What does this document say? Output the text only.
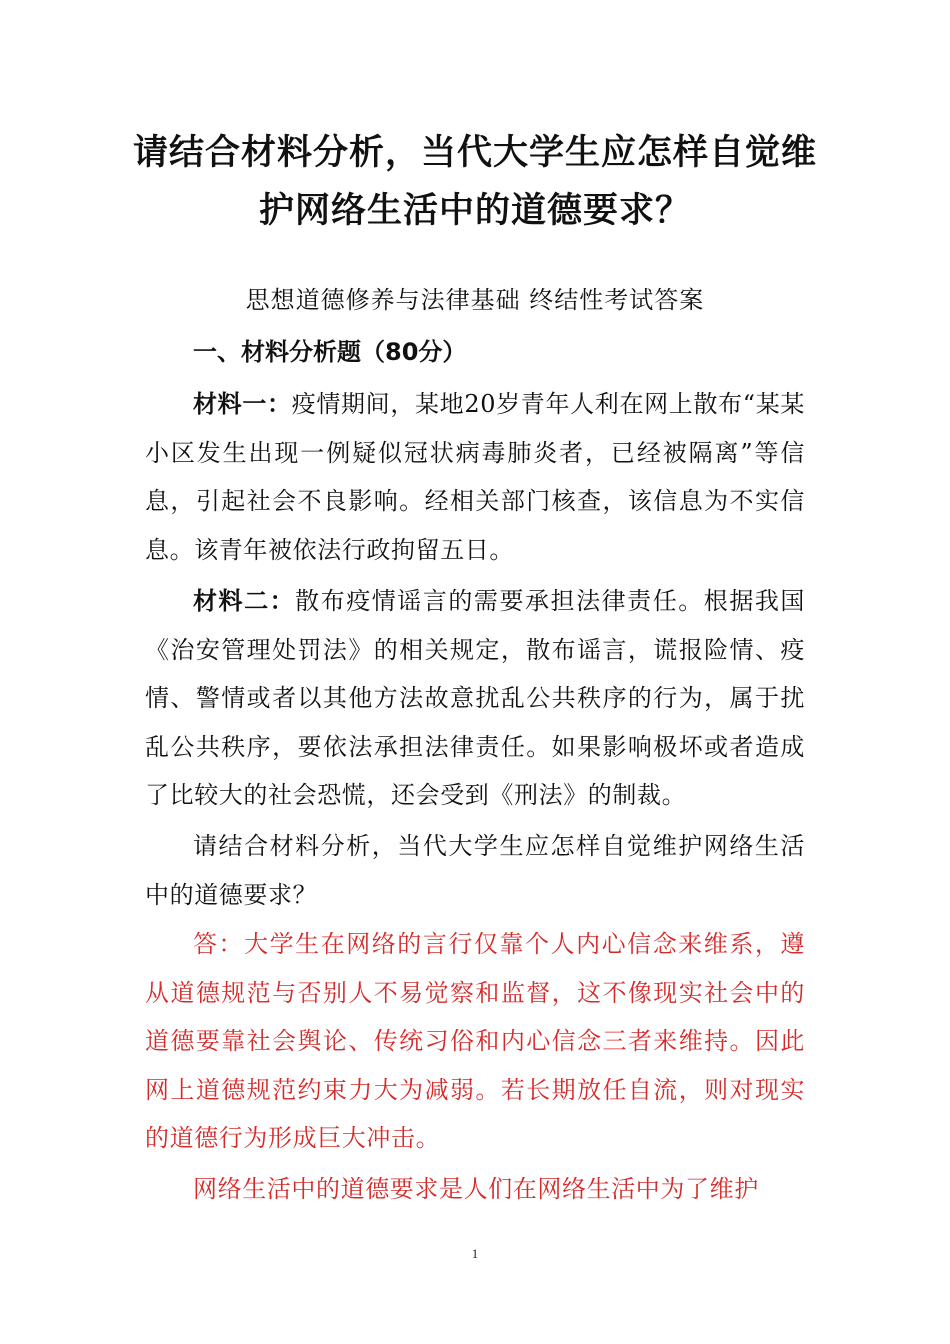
请结合材料分析，当代大学生应怎样自觉维护网络生活中的道德要求？
思想道德修养与法律基础 终结性考试答案
一、材料分析题（80分）

材料一：疫情期间，某地20岁青年人利在网上散布“某某小区发生出现一例疑似冠状病毒肺炎者，已经被隔离”等信息，引起社会不良影响。经相关部门核查，该信息为不实信息。该青年被依法行政拘留五日。

材料二：散布疫情谣言的需要承担法律责任。根据我国《治安管理处罚法》的相关规定，散布谣言，谎报险情、疫情、警情或者以其他方法故意扰乱公共秩序的行为，属于扰乱公共秩序，要依法承担法律责任。如果影响极坏或者造成了比较大的社会恐慌，还会受到《刑法》的制裁。

请结合材料分析，当代大学生应怎样自觉维护网络生活中的道德要求？

答：大学生在网络的言行仅靠个人内心信念来维系，遵从道德规范与否别人不易觉察和监督，这不像现实社会中的道德要靠社会舆论、传统习俗和内心信念三者来维持。因此网上道德规范约束力大为减弱。若长期放任自流，则对现实的道德行为形成巨大冲击。

网络生活中的道德要求是人们在网络生活中为了维护

1
